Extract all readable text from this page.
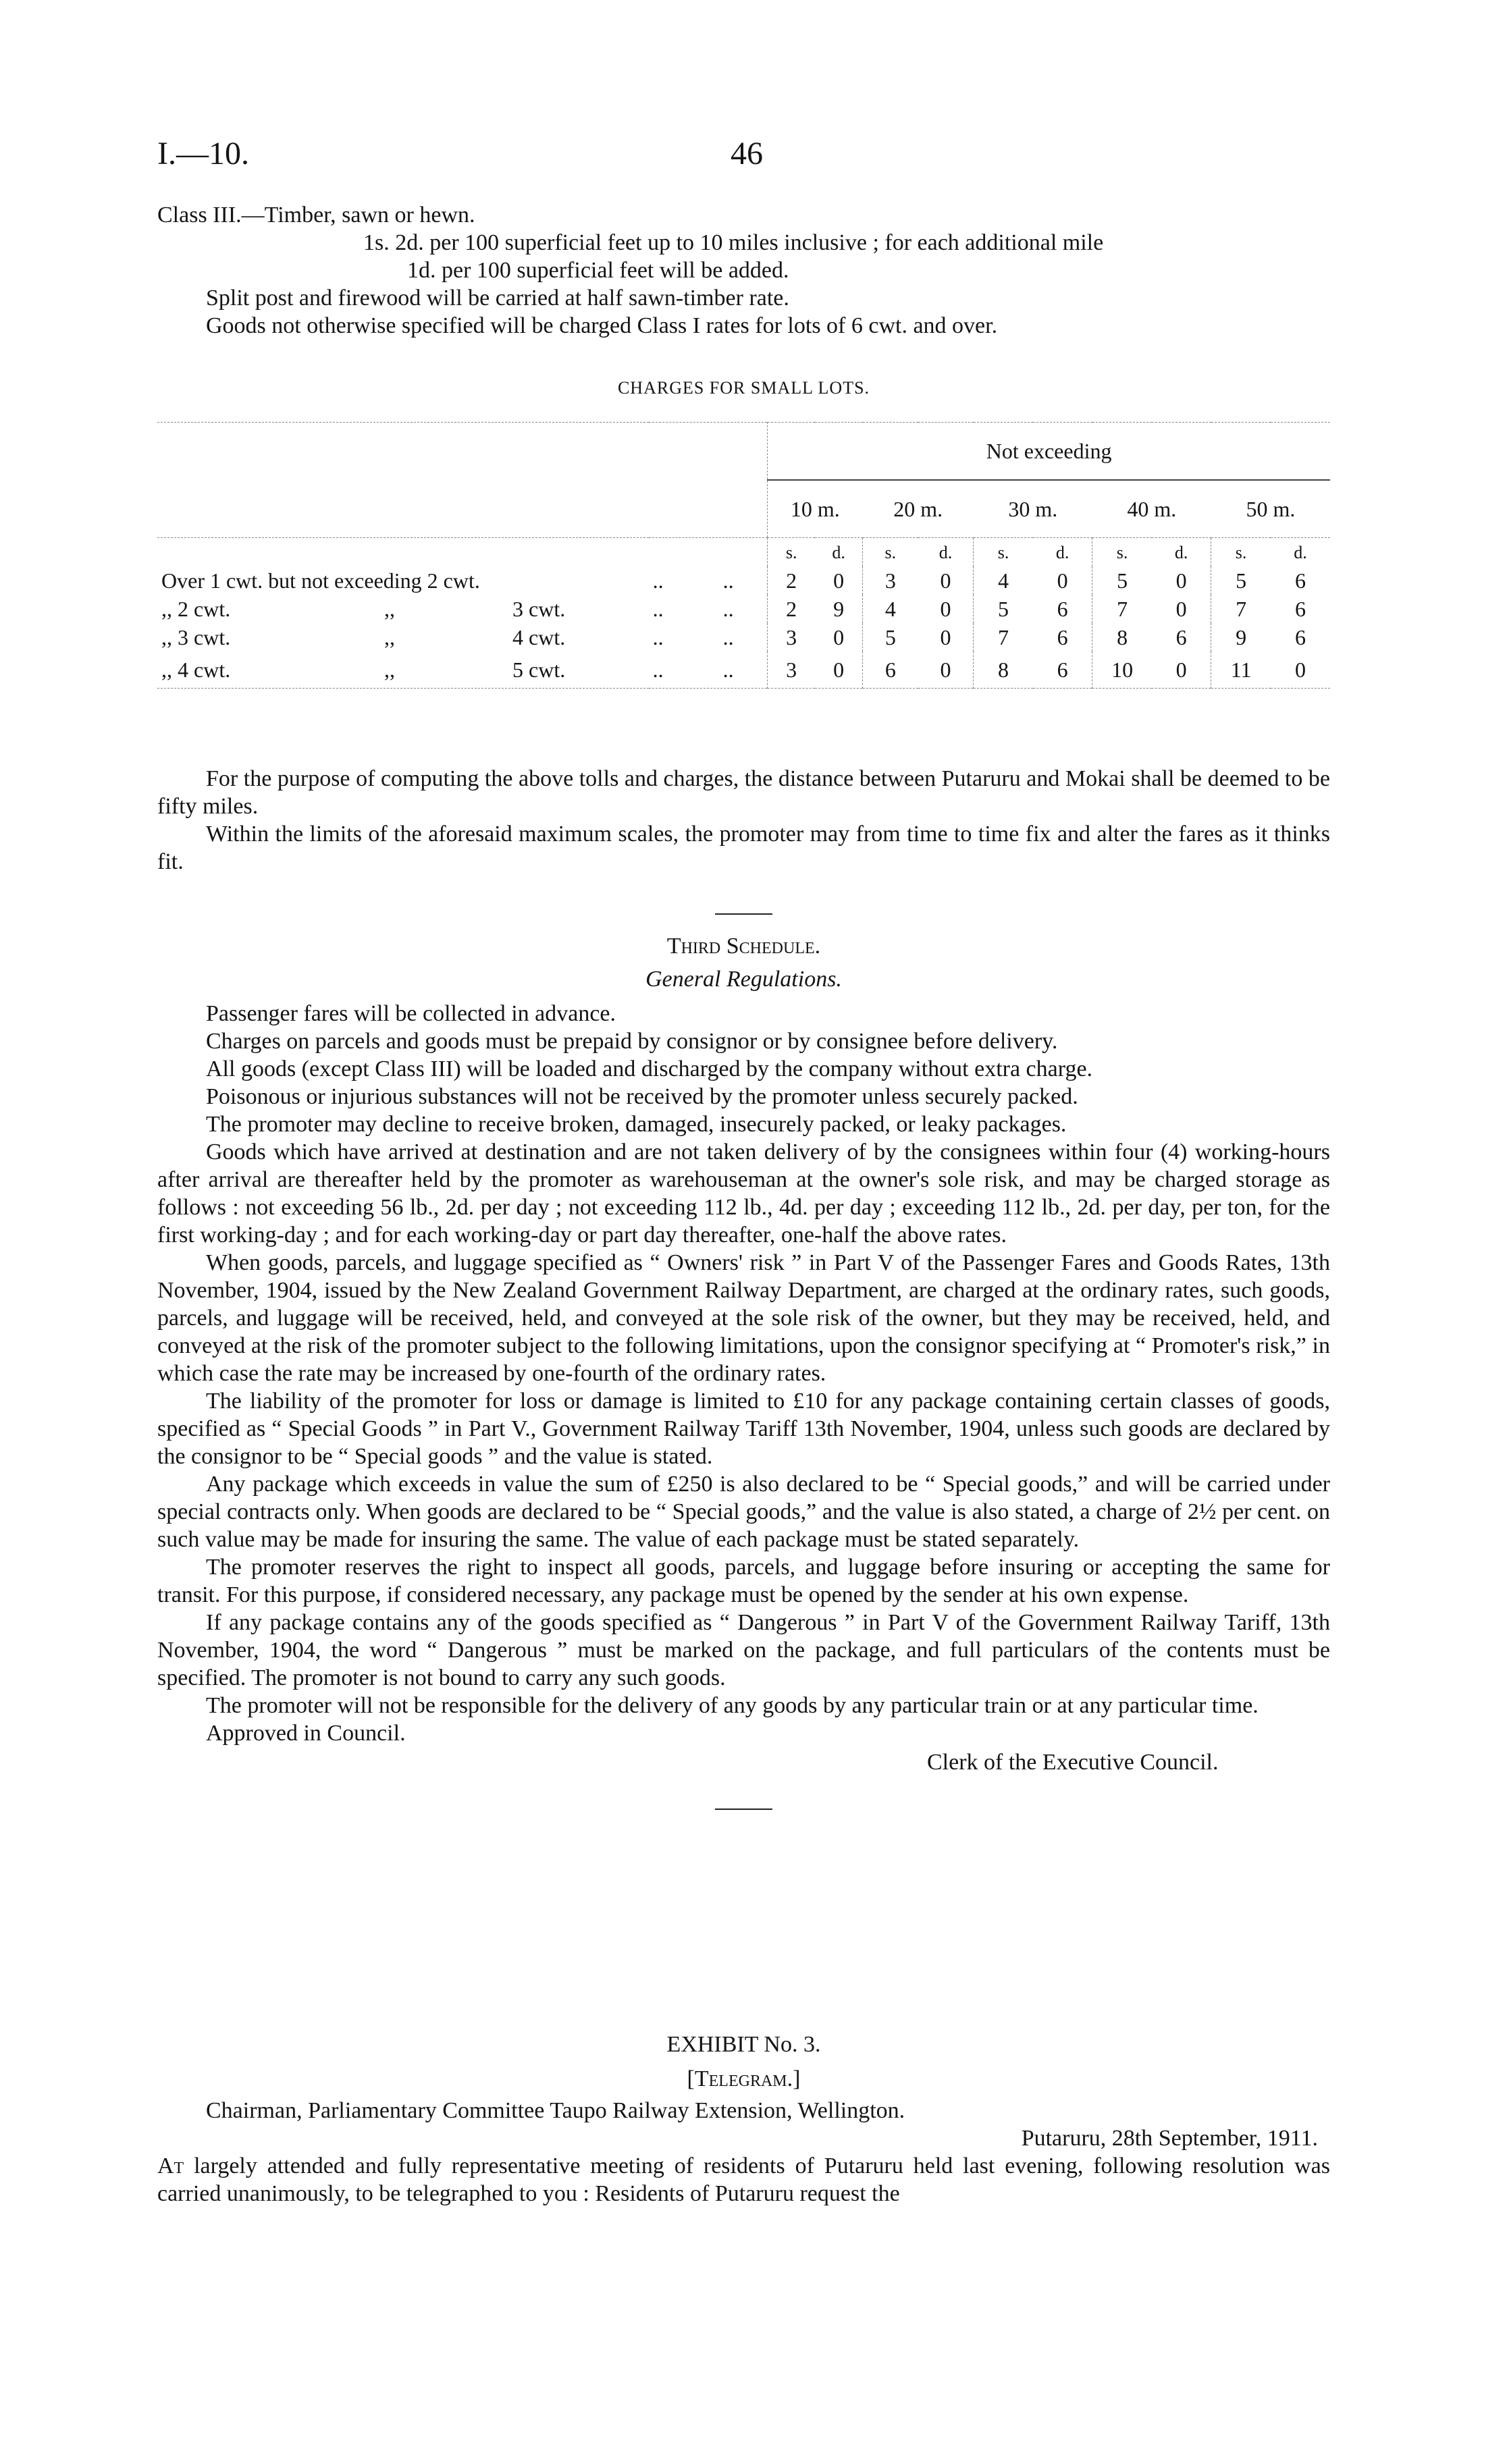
I.—10.	46
Class III.—Timber, sawn or hewn.
1s. 2d. per 100 superficial feet up to 10 miles inclusive ; for each additional mile
1d. per 100 superficial feet will be added.
Split post and firewood will be carried at half sawn-timber rate.
Goods not otherwise specified will be charged Class I rates for lots of 6 cwt. and over.
CHARGES FOR SMALL LOTS.
		Not exceeding									
		10 m.		20 m.		30 m.		40 m.		50 m.	
		s.	d.	s.	d.	s.	d.	s.	d.	s.	d.
Over 1 cwt. but not exceeding 2 cwt.	..           ..	2	0	3	0	4	0	5	0	5	6
,, 2 cwt. ,, 3 cwt.	..           ..	2	9	4	0	5	6	7	0	7	6
,, 3 cwt. ,, 4 cwt.	..           ..	3	0	5	0	7	6	8	6	9	6
,, 4 cwt. ,, 5 cwt.	..           ..	3	0	6	0	8	6	10	0	11	0
For the purpose of computing the above tolls and charges, the distance between Putaruru and Mokai shall be deemed to be fifty miles.
Within the limits of the aforesaid maximum scales, the promoter may from time to time fix and alter the fares as it thinks fit.
Third Schedule.
General Regulations.
Passenger fares will be collected in advance.
Charges on parcels and goods must be prepaid by consignor or by consignee before delivery.
All goods (except Class III) will be loaded and discharged by the company without extra charge.
Poisonous or injurious substances will not be received by the promoter unless securely packed.
The promoter may decline to receive broken, damaged, insecurely packed, or leaky packages.
Goods which have arrived at destination and are not taken delivery of by the consignees within four (4) working-hours after arrival are thereafter held by the promoter as warehouseman at the owner's sole risk, and may be charged storage as follows : not exceeding 56 lb., 2d. per day ; not exceeding 112 lb., 4d. per day ; exceeding 112 lb., 2d. per day, per ton, for the first working-day ; and for each working-day or part day thereafter, one-half the above rates.
When goods, parcels, and luggage specified as “ Owners' risk ” in Part V of the Passenger Fares and Goods Rates, 13th November, 1904, issued by the New Zealand Government Railway Department, are charged at the ordinary rates, such goods, parcels, and luggage will be received, held, and conveyed at the sole risk of the owner, but they may be received, held, and conveyed at the risk of the promoter subject to the following limitations, upon the consignor specifying at “ Promoter's risk,” in which case the rate may be increased by one-fourth of the ordinary rates.
The liability of the promoter for loss or damage is limited to £10 for any package containing certain classes of goods, specified as “ Special Goods ” in Part V., Government Railway Tariff 13th November, 1904, unless such goods are declared by the consignor to be “ Special goods ” and the value is stated.
Any package which exceeds in value the sum of £250 is also declared to be “ Special goods,” and will be carried under special contracts only. When goods are declared to be “ Special goods,” and the value is also stated, a charge of 2½ per cent. on such value may be made for insuring the same. The value of each package must be stated separately.
The promoter reserves the right to inspect all goods, parcels, and luggage before insuring or accepting the same for transit. For this purpose, if considered necessary, any package must be opened by the sender at his own expense.
If any package contains any of the goods specified as “ Dangerous ” in Part V of the Government Railway Tariff, 13th November, 1904, the word “ Dangerous ” must be marked on the package, and full particulars of the contents must be specified. The promoter is not bound to carry any such goods.
The promoter will not be responsible for the delivery of any goods by any particular train or at any particular time.
Approved in Council.
Clerk of the Executive Council.
EXHIBIT No. 3.
[Telegram.]
Chairman, Parliamentary Committee Taupo Railway Extension, Wellington.
Putaruru, 28th September, 1911.
At largely attended and fully representative meeting of residents of Putaruru held last evening, following resolution was carried unanimously, to be telegraphed to you : Residents of Putaruru request the
